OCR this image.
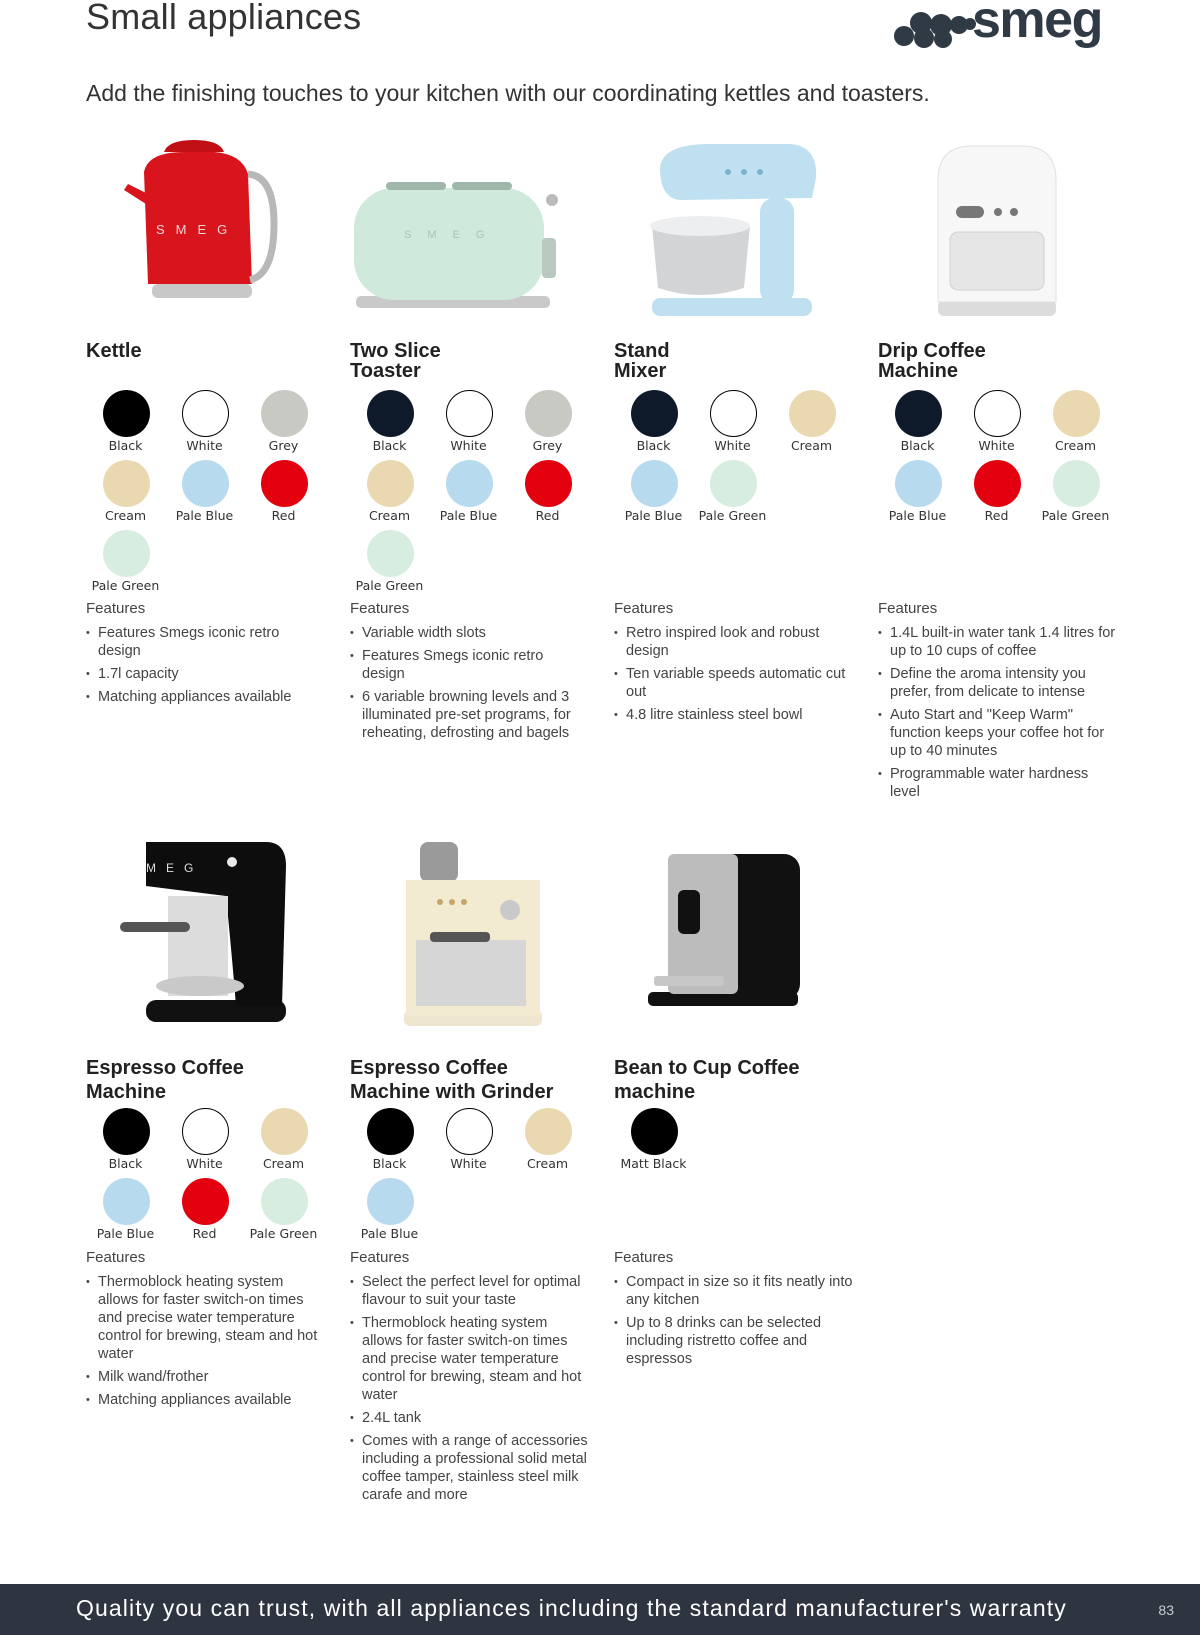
Small appliances
Add the finishing touches to your kitchen with our coordinating kettles and toasters.
smeg
SMEG
Kettle
Black	White	Grey
Cream	Pale Blue	Red
Pale Green
Features
• Features Smegs iconic retro design
• 1.7l capacity
• Matching appliances available
SMEG
Two Slice Toaster
Black	White	Grey
Cream	Pale Blue	Red
Pale Green
Features
• Variable width slots
• Features Smegs iconic retro design
• 6 variable browning levels and 3 illuminated pre-set programs, for reheating, defrosting and bagels
Stand Mixer
Black	White	Cream
Pale Blue	Pale Green
Features
• Retro inspired look and robust design
• Ten variable speeds automatic cut out
• 4.8 litre stainless steel bowl
Drip Coffee Machine
Black	White	Cream
Pale Blue	Red	Pale Green
Features
• 1.4L built-in water tank 1.4 litres for up to 10 cups of coffee
• Define the aroma intensity you prefer, from delicate to intense
• Auto Start and "Keep Warm" function keeps your coffee hot for up to 40 minutes
• Programmable water hardness level
MEG
Espresso Coffee Machine
Black	White	Cream
Pale Blue	Red	Pale Green
Features
• Thermoblock heating system allows for faster switch-on times and precise water temperature control for brewing, steam and hot water
• Milk wand/frother
• Matching appliances available
Espresso Coffee Machine with Grinder
Black	White	Cream
Pale Blue
Features
• Select the perfect level for optimal flavour to suit your taste
• Thermoblock heating system allows for faster switch-on times and precise water temperature control for brewing, steam and hot water
• 2.4L tank
• Comes with a range of accessories including a professional solid metal coffee tamper, stainless steel milk carafe and more
Bean to Cup Coffee machine
Matt Black
Features
• Compact in size so it fits neatly into any kitchen
• Up to 8 drinks can be selected including ristretto coffee and espressos
Quality you can trust, with all appliances including the standard manufacturer's warranty	83
